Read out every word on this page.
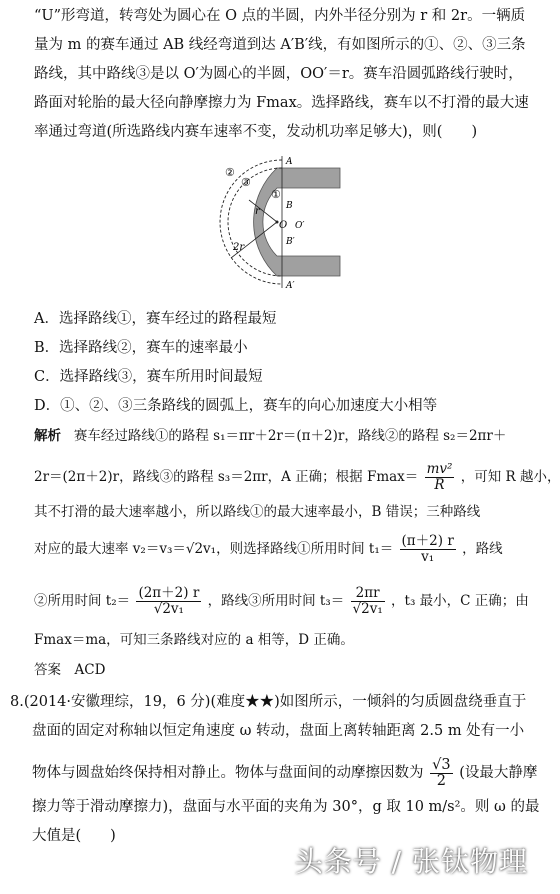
“U”形弯道，转弯处为圆心在 O 点的半圆，内外半径分别为 r 和 2r。一辆质
量为 m 的赛车通过 AB 线经弯道到达 A′B′线，有如图所示的①、②、③三条
路线，其中路线③是以 O′为圆心的半圆，OO′＝r。赛车沿圆弧路线行驶时，
路面对轮胎的最大径向静摩擦力为 Fmax。选择路线，赛车以不打滑的最大速
率通过弯道(所选路线内赛车速率不变，发动机功率足够大)，则(　　)
②
③
①
A
B
O O′
B′
A′
r
2r
A．选择路线①，赛车经过的路程最短
B．选择路线②，赛车的速率最小
C．选择路线③，赛车所用时间最短
D．①、②、③三条路线的圆弧上，赛车的向心加速度大小相等
解析 赛车经过路线①的路程 s₁＝πr＋2r＝(π＋2)r，路线②的路程 s₂＝2πr＋
2r＝(2π＋2)r，路线③的路程 s₃＝2πr，A 正确；根据 $Fmax= \frac{\text{mv²}}{R}$ ，可知 R 越小，
其不打滑的最大速率越小，所以路线①的最大速率最小，B 错误；三种路线
对应的最大速率 v₂＝v₃＝√2v₁，则选择路线①所用时间 $t_1= \frac{(\pi+2) r}{\text{v₁}}$ ，路线
②所用时间 $t_2= \frac{(2\pi+2) r}{\text{√2v₁}}$ ，路线③所用时间 $t_3= \frac{2\pi r}{\text{√2v₁}}$ ，t₃ 最小，C 正确；由
Fmax＝ma，可知三条路线对应的 a 相等，D 正确。
答案　ACD
8.(2014·安徽理综，19，6 分)(难度★★)如图所示，一倾斜的匀质圆盘绕垂直于
盘面的固定对称轴以恒定角速度 ω 转动，盘面上离转轴距离 2.5 m 处有一小
物体与圆盘始终保持相对静止。物体与盘面间的动摩擦因数为 $\frac{√3}{2}$ (设最大静摩
擦力等于滑动摩擦力)，盘面与水平面的夹角为 30°，g 取 10 m/s²。则 ω 的最
大值是(　　)
头条号 / 张钛物理
